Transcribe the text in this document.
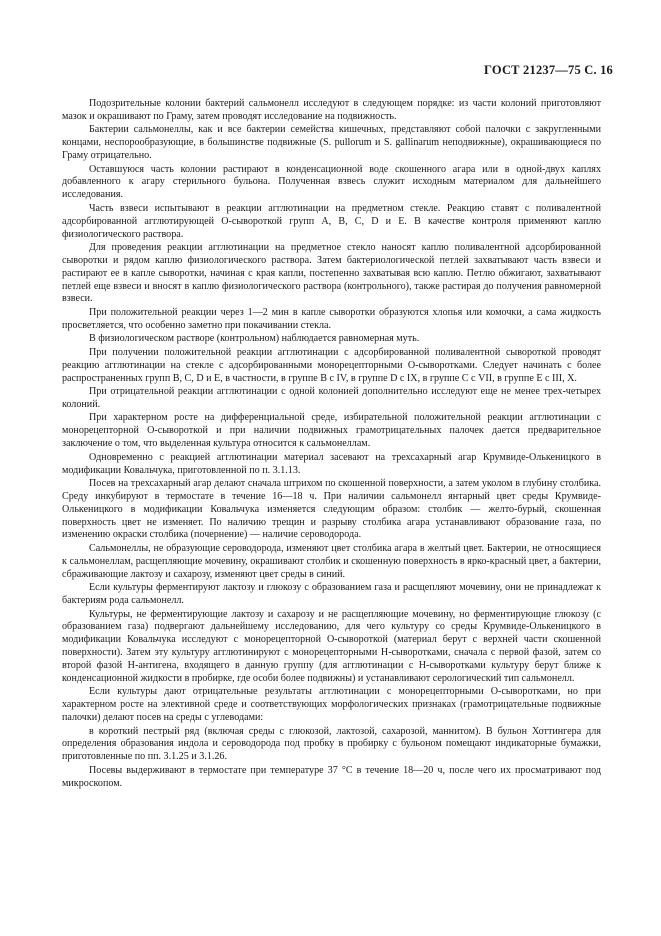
ГОСТ 21237—75 С. 16

Подозрительные колонии бактерий сальмонелл исследуют в следующем порядке: из части колоний приготовляют мазок и окрашивают по Граму, затем проводят исследование на подвижность.

Бактерии сальмонеллы, как и все бактерии семейства кишечных, представляют собой палочки с закругленными концами, неспорообразующие, в большинстве подвижные (S. pullorum и S. gallinarum неподвижные), окрашивающиеся по Граму отрицательно.

Оставшуюся часть колонии растирают в конденсационной воде скошенного агара или в одной-двух каплях добавленного к агару стерильного бульона. Полученная взвесь служит исходным материалом для дальнейшего исследования.

Часть взвеси испытывают в реакции агглютинации на предметном стекле. Реакцию ставят с поливалентной адсорбированной агглютирующей О-сывороткой групп А, В, С, D и Е. В качестве контроля применяют каплю физиологического раствора.

Для проведения реакции агглютинации на предметное стекло наносят каплю поливалентной адсорбированной сыворотки и рядом каплю физиологического раствора. Затем бактериологической петлей захватывают часть взвеси и растирают ее в капле сыворотки, начиная с края капли, постепенно захватывая всю каплю. Петлю обжигают, захватывают петлей еще взвеси и вносят в каплю физиологического раствора (контрольного), также растирая до получения равномерной взвеси.

При положительной реакции через 1—2 мин в капле сыворотки образуются хлопья или комочки, а сама жидкость просветляется, что особенно заметно при покачивании стекла.

В физиологическом растворе (контрольном) наблюдается равномерная муть.

При получении положительной реакции агглютинации с адсорбированной поливалентной сывороткой проводят реакцию агглютинации на стекле с адсорбированными монорецепторными О-сыворотками. Следует начинать с более распространенных групп В, С, D и Е, в частности, в группе В с IV, в группе D с IX, в группе С с VII, в группе Е с III, X.

При отрицательной реакции агглютинации с одной колонией дополнительно исследуют еще не менее трех-четырех колоний.

При характерном росте на дифференциальной среде, избирательной положительной реакции агглютинации с монорецепторной О-сывороткой и при наличии подвижных грамотрицательных палочек дается предварительное заключение о том, что выделенная культура относится к сальмонеллам.

Одновременно с реакцией агглютинации материал засевают на трехсахарный агар Крумвиде-Олькеницкого в модификации Ковальчука, приготовленной по п. 3.1.13.

Посев на трехсахарный агар делают сначала штрихом по скошенной поверхности, а затем уколом в глубину столбика. Среду инкубируют в термостате в течение 16—18 ч. При наличии сальмонелл янтарный цвет среды Крумвиде-Олькеницкого в модификации Ковальчука изменяется следующим образом: столбик — желто-бурый, скошенная поверхность цвет не изменяет. По наличию трещин и разрыву столбика агара устанавливают образование газа, по изменению окраски столбика (почернение) — наличие сероводорода.

Сальмонеллы, не образующие сероводорода, изменяют цвет столбика агара в желтый цвет. Бактерии, не относящиеся к сальмонеллам, расщепляющие мочевину, окрашивают столбик и скошенную поверхность в ярко-красный цвет, а бактерии, сбраживающие лактозу и сахарозу, изменяют цвет среды в синий.

Если культуры ферментируют лактозу и глюкозу с образованием газа и расщепляют мочевину, они не принадлежат к бактериям рода сальмонелл.

Культуры, не ферментирующие лактозу и сахарозу и не расщепляющие мочевину, но ферментирующие глюкозу (с образованием газа) подвергают дальнейшему исследованию, для чего культуру со среды Крумвиде-Олькеницкого в модификации Ковальчука исследуют с монорецепторной О-сывороткой (материал берут с верхней части скошенной поверхности). Затем эту культуру агглютинируют с монорецепторными Н-сыворотками, сначала с первой фазой, затем со второй фазой Н-антигена, входящего в данную группу (для агглютинации с Н-сыворотками культуру берут ближе к конденсационной жидкости в пробирке, где особи более подвижны) и устанавливают серологический тип сальмонелл.

Если культуры дают отрицательные результаты агглютинации с монорецепторными О-сыворотками, но при характерном росте на элективной среде и соответствующих морфологических признаках (грамотрицательные подвижные палочки) делают посев на среды с углеводами:

в короткий пестрый ряд (включая среды с глюкозой, лактозой, сахарозой, маннитом). В бульон Хоттингера для определения образования индола и сероводорода под пробку в пробирку с бульоном помещают индикаторные бумажки, приготовленные по пп. 3.1.25 и 3.1.26.

Посевы выдерживают в термостате при температуре 37 °С в течение 18—20 ч, после чего их просматривают под микроскопом.
